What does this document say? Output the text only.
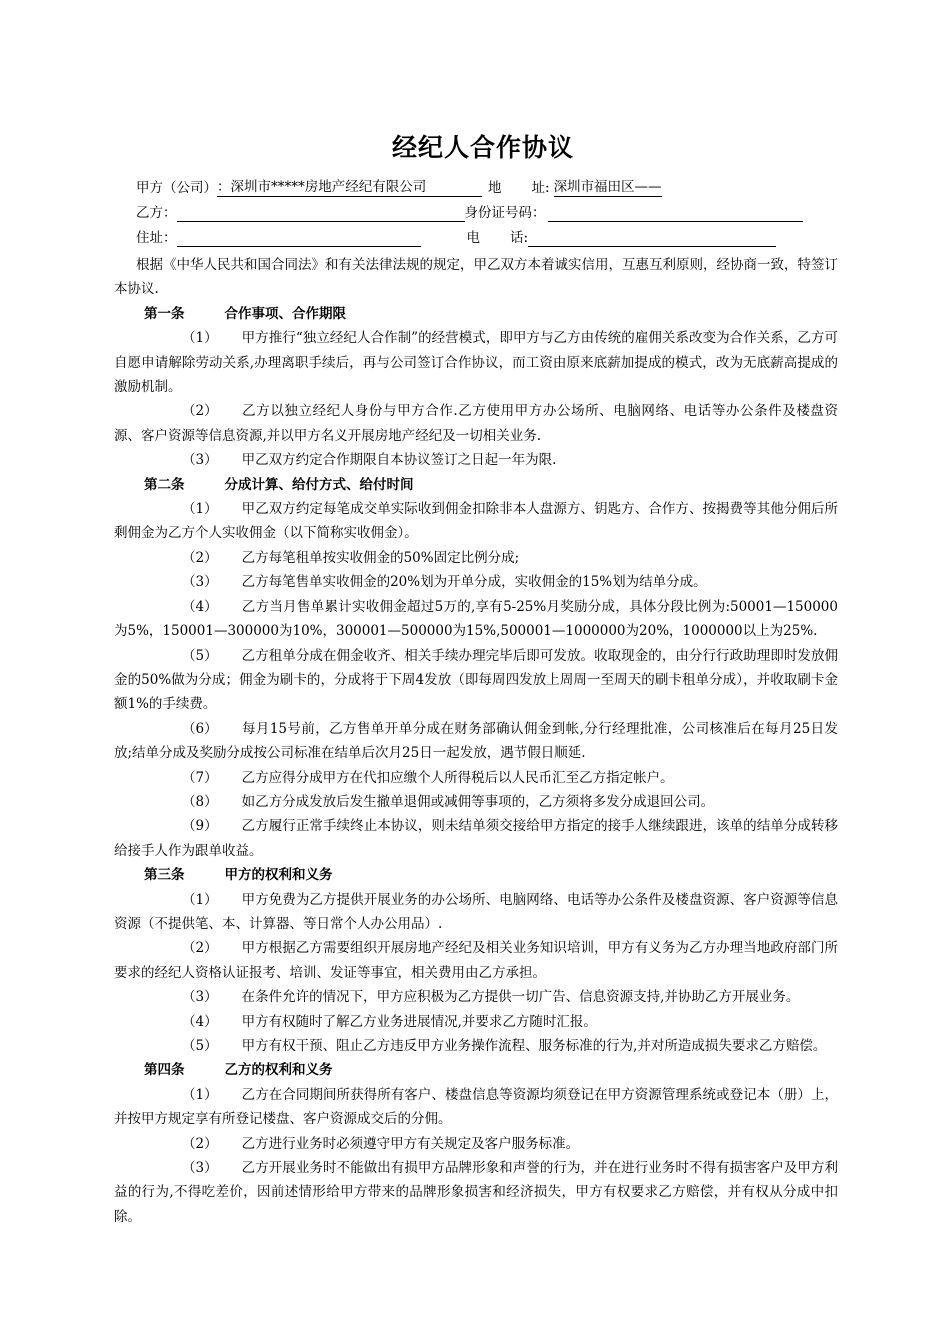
经纪人合作协议
甲方（公司）：深圳市*****房地产经纪有限公司	地 址: 深圳市福田区——
乙方：	身份证号码：
住址：	电 话:

根据《中华人民共和国合同法》和有关法律法规的规定，甲乙双方本着诚实信用，互惠互利原则，经协商一致，特签订本协议.

第一条	合作事项、合作期限

（1） 甲方推行“独立经纪人合作制”的经营模式，即甲方与乙方由传统的雇佣关系改变为合作关系，乙方可自愿申请解除劳动关系,办理离职手续后，再与公司签订合作协议，而工资由原来底薪加提成的模式，改为无底薪高提成的激励机制。

（2） 乙方以独立经纪人身份与甲方合作.乙方使用甲方办公场所、电脑网络、电话等办公条件及楼盘资源、客户资源等信息资源,并以甲方名义开展房地产经纪及一切相关业务.

（3） 甲乙双方约定合作期限自本协议签订之日起一年为限.

第二条	分成计算、给付方式、给付时间

（1） 甲乙双方约定每笔成交单实际收到佣金扣除非本人盘源方、钥匙方、合作方、按揭费等其他分佣后所剩佣金为乙方个人实收佣金（以下简称实收佣金）。

（2） 乙方每笔租单按实收佣金的50%固定比例分成;

（3） 乙方每笔售单实收佣金的20%划为开单分成，实收佣金的15%划为结单分成。

（4） 乙方当月售单累计实收佣金超过5万的,享有5-25%月奖励分成，具体分段比例为:50001—150000为5%，150001—300000为10%，300001—500000为15%,500001—1000000为20%，1000000以上为25%.

（5） 乙方租单分成在佣金收齐、相关手续办理完毕后即可发放。收取现金的，由分行行政助理即时发放佣金的50%做为分成；佣金为刷卡的，分成将于下周4发放（即每周四发放上周周一至周天的刷卡租单分成），并收取刷卡金额1%的手续费。

（6） 每月15号前，乙方售单开单分成在财务部确认佣金到帐,分行经理批准，公司核准后在每月25日发放;结单分成及奖励分成按公司标准在结单后次月25日一起发放，遇节假日顺延.

（7） 乙方应得分成甲方在代扣应缴个人所得税后以人民币汇至乙方指定帐户。

（8） 如乙方分成发放后发生撤单退佣或减佣等事项的，乙方须将多发分成退回公司。

（9） 乙方履行正常手续终止本协议，则未结单须交接给甲方指定的接手人继续跟进，该单的结单分成转移给接手人作为跟单收益。

第三条	甲方的权利和义务

（1） 甲方免费为乙方提供开展业务的办公场所、电脑网络、电话等办公条件及楼盘资源、客户资源等信息资源（不提供笔、本、计算器、等日常个人办公用品）.

（2） 甲方根据乙方需要组织开展房地产经纪及相关业务知识培训，甲方有义务为乙方办理当地政府部门所要求的经纪人资格认证报考、培训、发证等事宜，相关费用由乙方承担。

（3） 在条件允许的情况下，甲方应积极为乙方提供一切广告、信息资源支持,并协助乙方开展业务。

（4） 甲方有权随时了解乙方业务进展情况,并要求乙方随时汇报。

（5） 甲方有权干预、阻止乙方违反甲方业务操作流程、服务标准的行为,并对所造成损失要求乙方赔偿。

第四条	乙方的权利和义务

（1） 乙方在合同期间所获得所有客户、楼盘信息等资源均须登记在甲方资源管理系统或登记本（册）上，并按甲方规定享有所登记楼盘、客户资源成交后的分佣。

（2） 乙方进行业务时必须遵守甲方有关规定及客户服务标准。

（3） 乙方开展业务时不能做出有损甲方品牌形象和声誉的行为，并在进行业务时不得有损害客户及甲方利益的行为,不得吃差价，因前述情形给甲方带来的品牌形象损害和经济损失，甲方有权要求乙方赔偿，并有权从分成中扣除。
